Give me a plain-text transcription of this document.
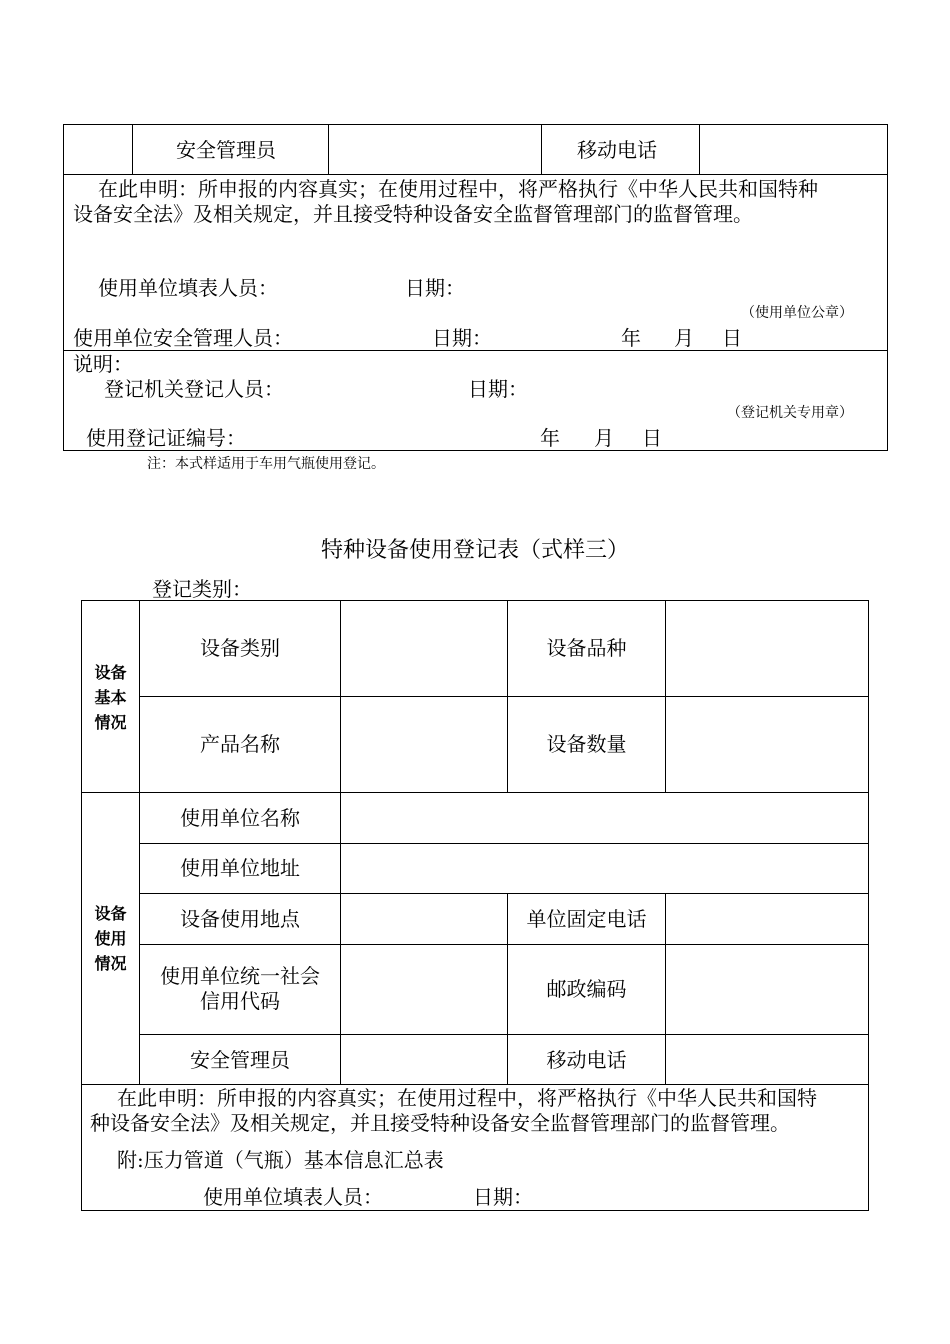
安全管理员	移动电话
在此申明：所申报的内容真实；在使用过程中，将严格执行《中华人民共和国特种
设备安全法》及相关规定，并且接受特种设备安全监督管理部门的监督管理。
使用单位填表人员：	日期：
（使用单位公章）
使用单位安全管理人员：	日期：	年 月 日
说明：
登记机关登记人员：	日期：
（登记机关专用章）
使用登记证编号：	年 月 日
注：本式样适用于车用气瓶使用登记。
特种设备使用登记表（式样三）
登记类别：
设备
基本
情况
设备
使用
情况
设备类别	设备品种
产品名称	设备数量
使用单位名称
使用单位地址
设备使用地点	单位固定电话
使用单位统一社会
信用代码	邮政编码
安全管理员	移动电话
在此申明：所申报的内容真实；在使用过程中，将严格执行《中华人民共和国特
种设备安全法》及相关规定，并且接受特种设备安全监督管理部门的监督管理。
附:压力管道（气瓶）基本信息汇总表
使用单位填表人员：	日期：
